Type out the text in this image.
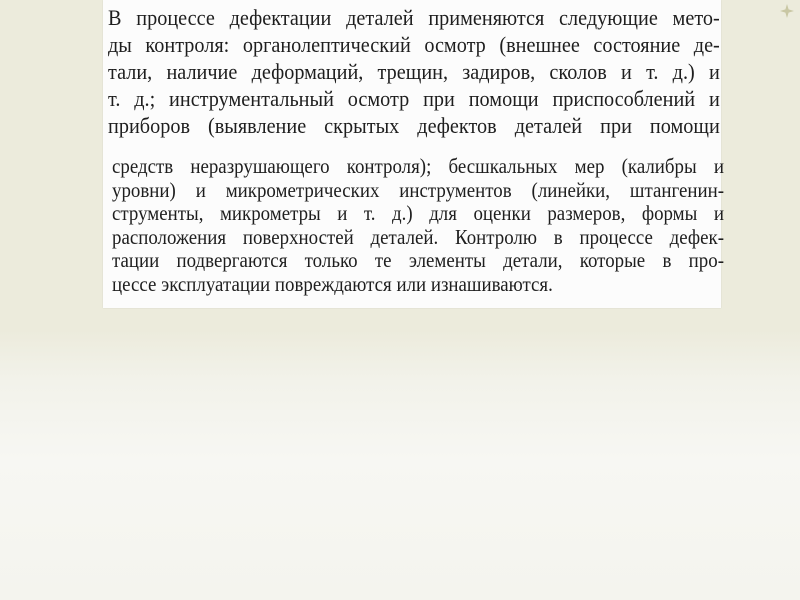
В процессе дефектации деталей применяются следующие мето-
ды контроля: органолептический осмотр (внешнее состояние де-
тали, наличие деформаций, трещин, задиров, сколов и т. д.) и
т. д.; инструментальный осмотр при помощи приспособлений и
приборов (выявление скрытых дефектов деталей при помощи
средств неразрушающего контроля); бесшкальных мер (калибры и
уровни) и микрометрических инструментов (линейки, штангенин-
струменты, микрометры и т. д.) для оценки размеров, формы и
расположения поверхностей деталей. Контролю в процессе дефек-
тации подвергаются только те элементы детали, которые в про-
цессе эксплуатации повреждаются или изнашиваются.
